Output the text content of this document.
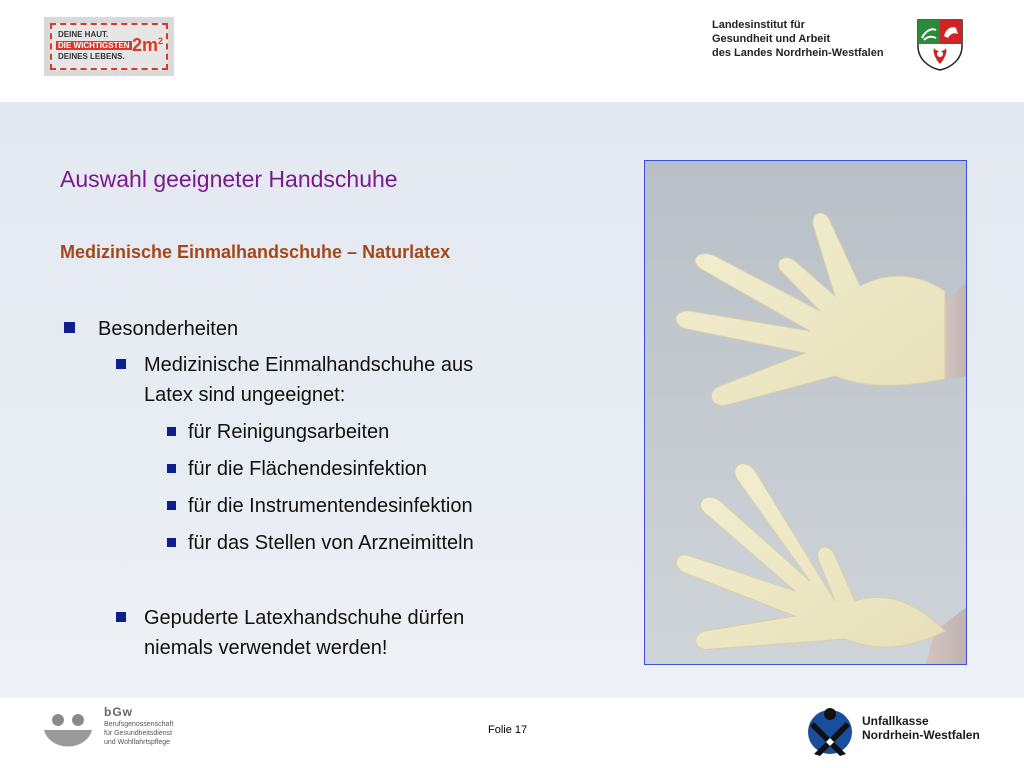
DEINE HAUT.
DIE WICHTIGSTEN
DEINES LEBENS.
$2m^2$
Landesinstitut für
Gesundheit und Arbeit
des Landes Nordrhein-Westfalen
Auswahl geeigneter Handschuhe
Medizinische Einmalhandschuhe – Naturlatex
Besonderheiten
Medizinische Einmalhandschuhe aus
Latex sind ungeeignet:
für Reinigungsarbeiten
für die Flächendesinfektion
für die Instrumentendesinfektion
für das Stellen von Arzneimitteln
Gepuderte Latexhandschuhe dürfen
niemals verwendet werden!
bGw
Berufsgenossenschaft
für Gesundheitsdienst
und Wohlfahrtspflege
Folie 17
Unfallkasse
Nordrhein-Westfalen
